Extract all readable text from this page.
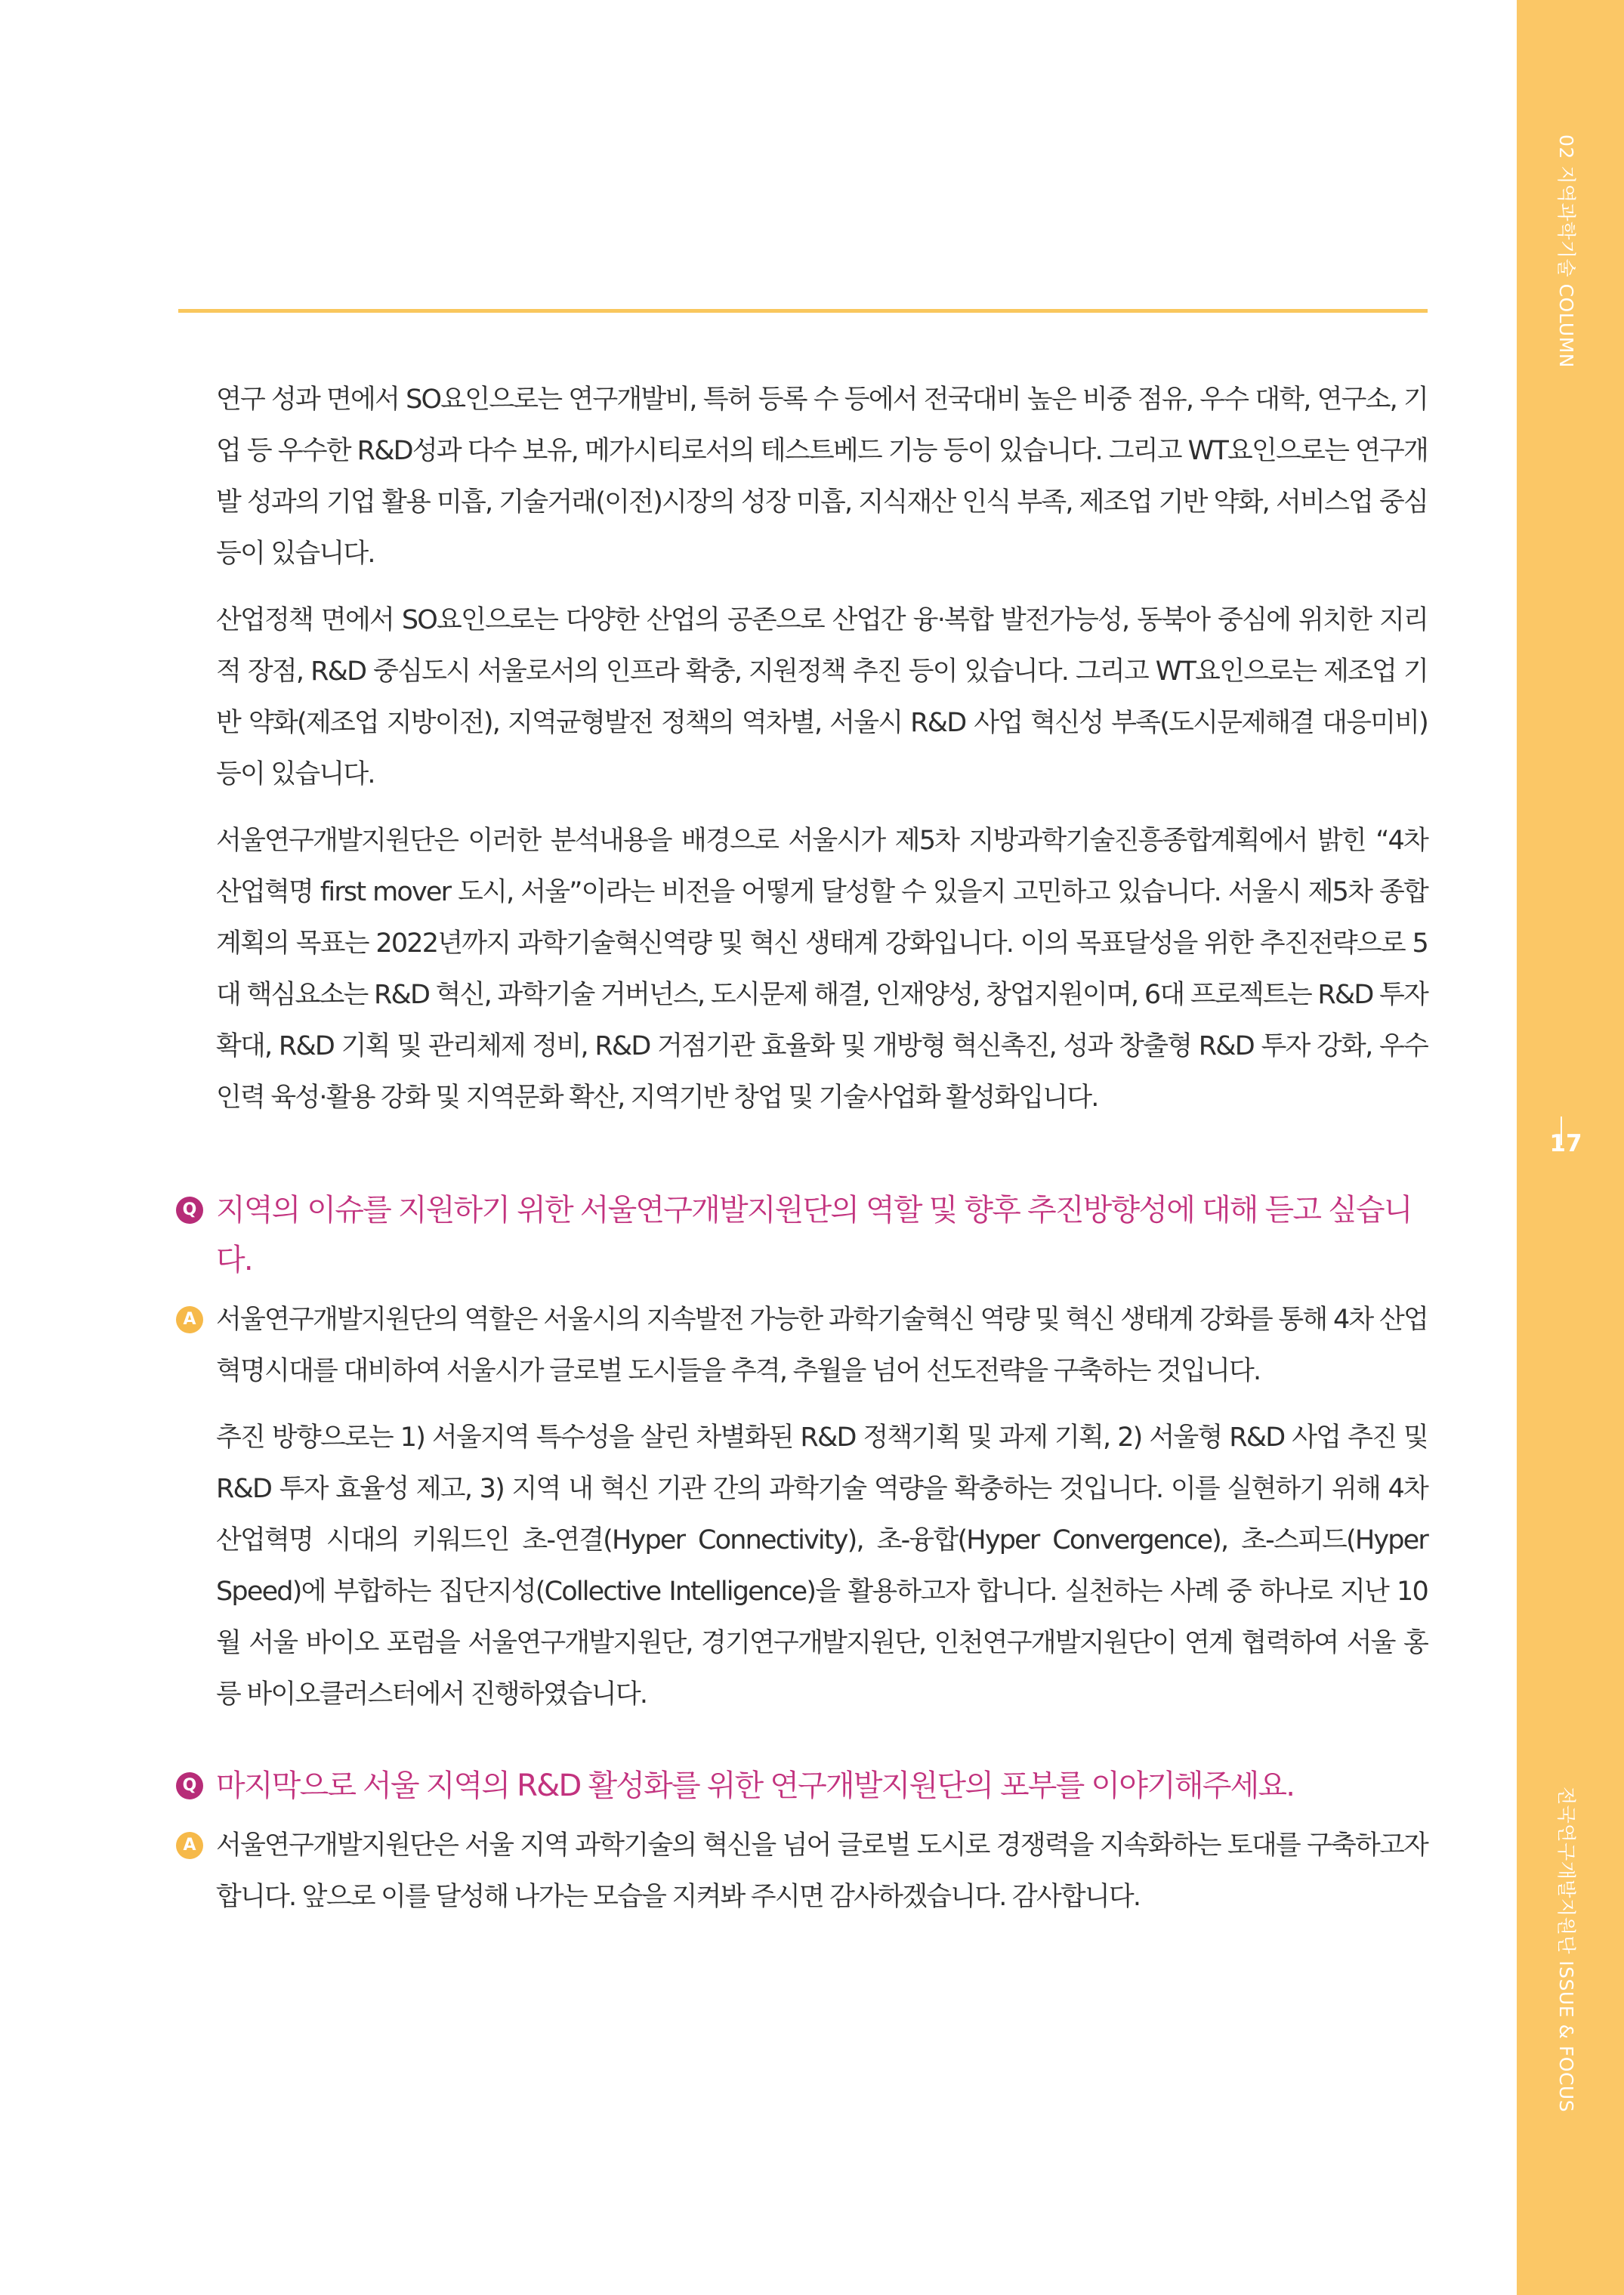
02 지역과학기술 COLUMN
17
전국연구개발지원단 ISSUE & FOCUS

연구 성과 면에서 SO요인으로는 연구개발비, 특허 등록 수 등에서 전국대비 높은 비중 점유, 우수 대학, 연구소, 기업 등 우수한 R&D성과 다수 보유, 메가시티로서의 테스트베드 기능 등이 있습니다. 그리고 WT요인으로는 연구개발 성과의 기업 활용 미흡, 기술거래(이전)시장의 성장 미흡, 지식재산 인식 부족, 제조업 기반 약화, 서비스업 중심 등이 있습니다.

산업정책 면에서 SO요인으로는 다양한 산업의 공존으로 산업간 융·복합 발전가능성, 동북아 중심에 위치한 지리적 장점, R&D 중심도시 서울로서의 인프라 확충, 지원정책 추진 등이 있습니다. 그리고 WT요인으로는 제조업 기반 약화(제조업 지방이전), 지역균형발전 정책의 역차별, 서울시 R&D 사업 혁신성 부족(도시문제해결 대응미비) 등이 있습니다.

서울연구개발지원단은 이러한 분석내용을 배경으로 서울시가 제5차 지방과학기술진흥종합계획에서 밝힌 “4차 산업혁명 first mover 도시, 서울”이라는 비전을 어떻게 달성할 수 있을지 고민하고 있습니다. 서울시 제5차 종합계획의 목표는 2022년까지 과학기술혁신역량 및 혁신 생태계 강화입니다. 이의 목표달성을 위한 추진전략으로 5대 핵심요소는 R&D 혁신, 과학기술 거버넌스, 도시문제 해결, 인재양성, 창업지원이며, 6대 프로젝트는 R&D 투자확대, R&D 기획 및 관리체제 정비, R&D 거점기관 효율화 및 개방형 혁신촉진, 성과 창출형 R&D 투자 강화, 우수인력 육성·활용 강화 및 지역문화 확산, 지역기반 창업 및 기술사업화 활성화입니다.

Q 지역의 이슈를 지원하기 위한 서울연구개발지원단의 역할 및 향후 추진방향성에 대해 듣고 싶습니다.
A 서울연구개발지원단의 역할은 서울시의 지속발전 가능한 과학기술혁신 역량 및 혁신 생태계 강화를 통해 4차 산업혁명시대를 대비하여 서울시가 글로벌 도시들을 추격, 추월을 넘어 선도전략을 구축하는 것입니다.

추진 방향으로는 1) 서울지역 특수성을 살린 차별화된 R&D 정책기획 및 과제 기획, 2) 서울형 R&D 사업 추진 및 R&D 투자 효율성 제고, 3) 지역 내 혁신 기관 간의 과학기술 역량을 확충하는 것입니다. 이를 실현하기 위해 4차 산업혁명 시대의 키워드인 초-연결(Hyper Connectivity), 초-융합(Hyper Convergence), 초-스피드(Hyper Speed)에 부합하는 집단지성(Collective Intelligence)을 활용하고자 합니다. 실천하는 사례 중 하나로 지난 10월 서울 바이오 포럼을 서울연구개발지원단, 경기연구개발지원단, 인천연구개발지원단이 연계 협력하여 서울 홍릉 바이오클러스터에서 진행하였습니다.

Q 마지막으로 서울 지역의 R&D 활성화를 위한 연구개발지원단의 포부를 이야기해주세요.
A 서울연구개발지원단은 서울 지역 과학기술의 혁신을 넘어 글로벌 도시로 경쟁력을 지속화하는 토대를 구축하고자 합니다. 앞으로 이를 달성해 나가는 모습을 지켜봐 주시면 감사하겠습니다. 감사합니다.
